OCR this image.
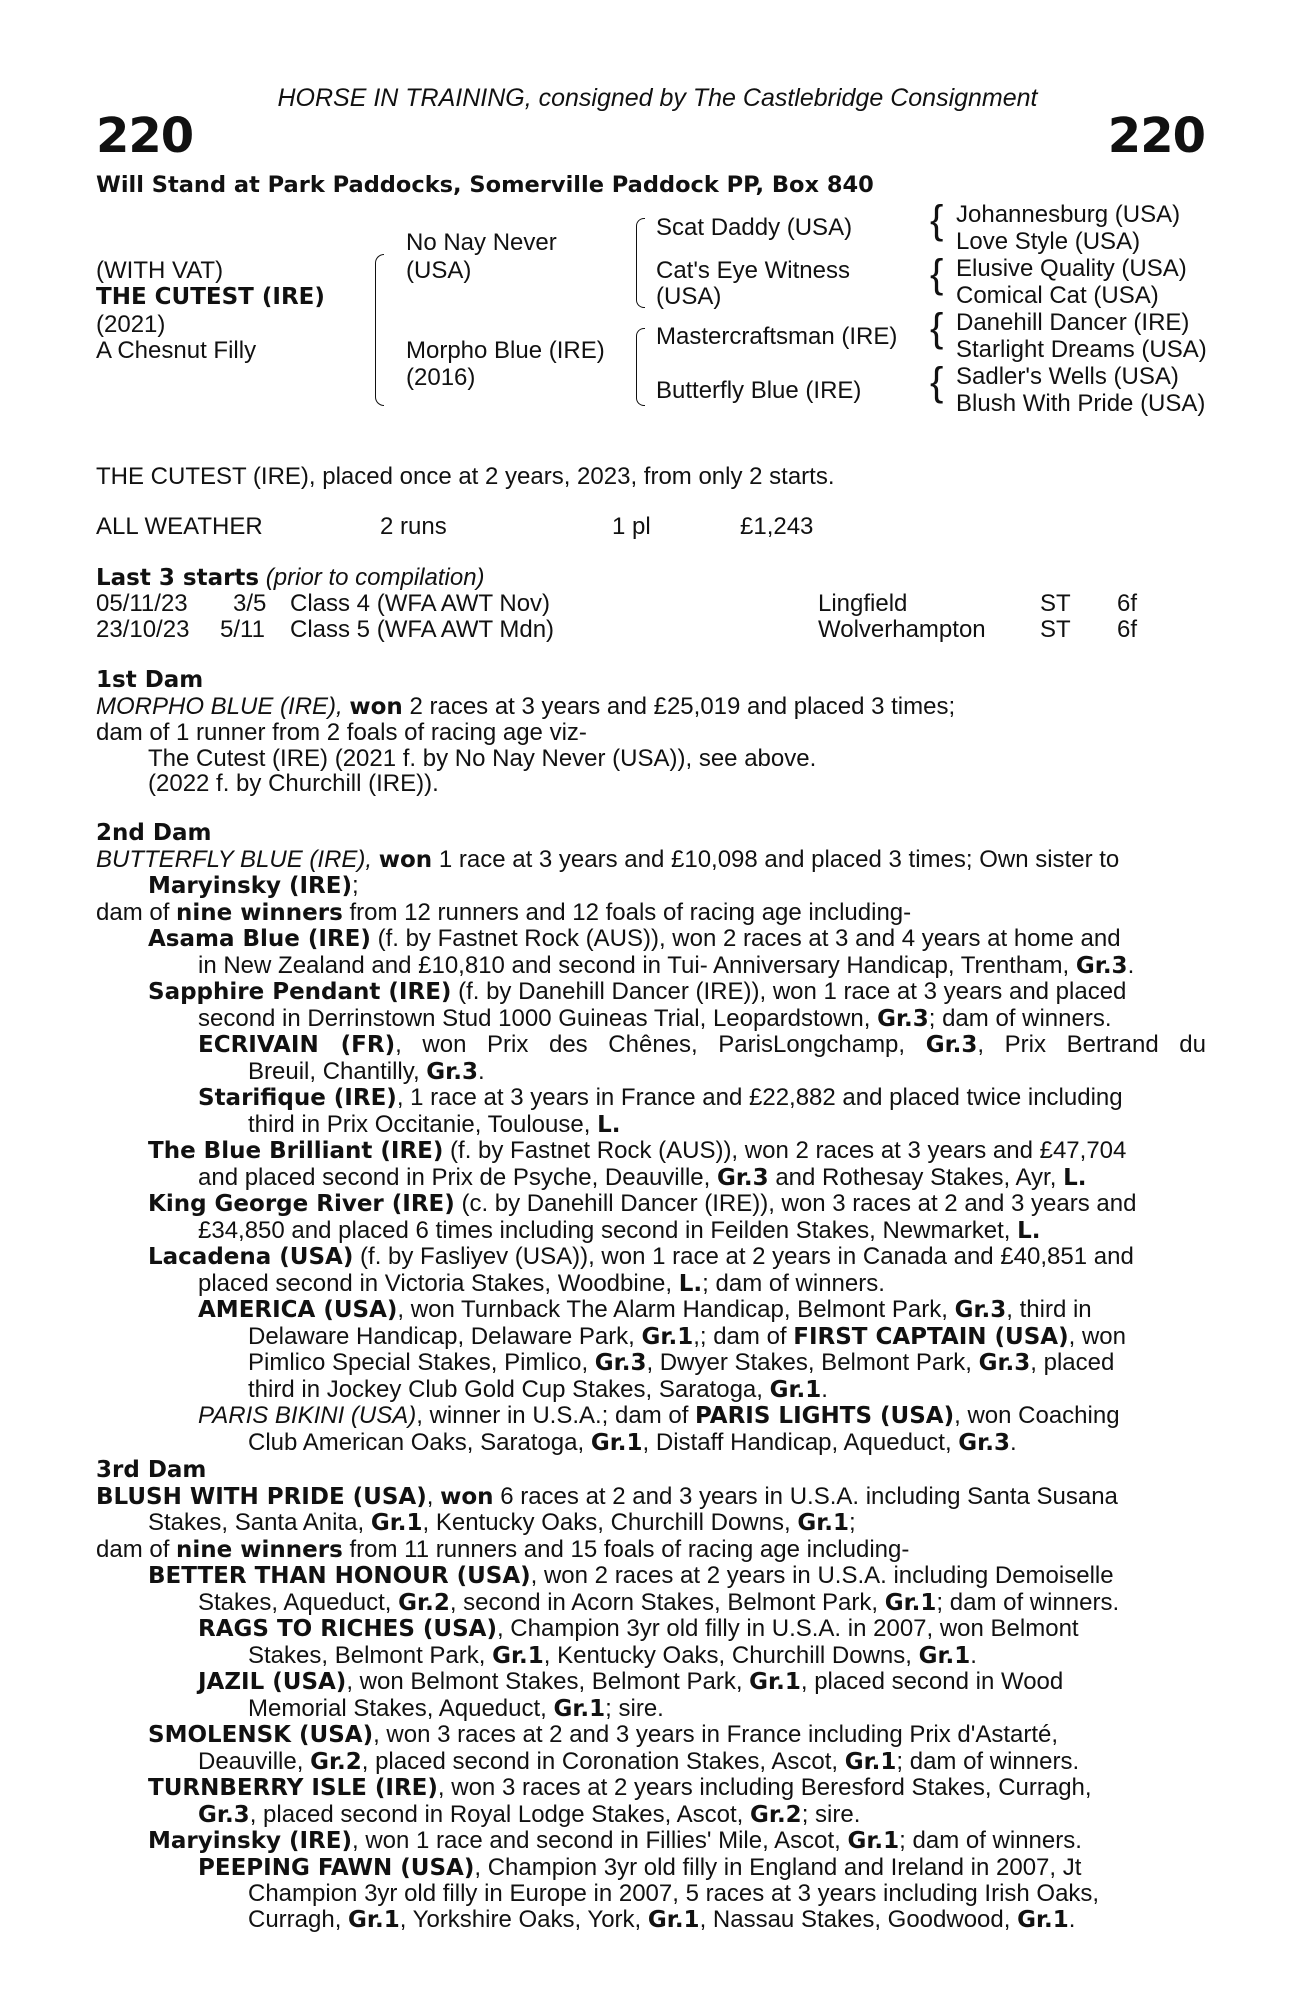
HORSE IN TRAINING, consigned by The Castlebridge Consignment
220	220
Will Stand at Park Paddocks, Somerville Paddock PP, Box 840
(WITH VAT)
THE CUTEST (IRE)
(2021)
A Chesnut Filly
No Nay Never
(USA)
Morpho Blue (IRE)
(2016)
Scat Daddy (USA)
Cat's Eye Witness
(USA)
Mastercraftsman (IRE)
Butterfly Blue (IRE)
{
{
{
{
Johannesburg (USA)
Love Style (USA)
Elusive Quality (USA)
Comical Cat (USA)
Danehill Dancer (IRE)
Starlight Dreams (USA)
Sadler's Wells (USA)
Blush With Pride (USA)
THE CUTEST (IRE), placed once at 2 years, 2023, from only 2 starts.
ALL WEATHER	2 runs	1 pl	£1,243
Last 3 starts (prior to compilation)
05/11/23 3/5 Class 4 (WFA AWT Nov)	Lingfield	ST 6f
23/10/23 5/11 Class 5 (WFA AWT Mdn)	Wolverhampton ST 6f
1st Dam
MORPHO BLUE (IRE), won 2 races at 3 years and £25,019 and placed 3 times;
dam of 1 runner from 2 foals of racing age viz-
The Cutest (IRE) (2021 f. by No Nay Never (USA)), see above.
(2022 f. by Churchill (IRE)).
2nd Dam
BUTTERFLY BLUE (IRE), won 1 race at 3 years and £10,098 and placed 3 times; Own sister to
Maryinsky (IRE);
dam of nine winners from 12 runners and 12 foals of racing age including-
Asama Blue (IRE) (f. by Fastnet Rock (AUS)), won 2 races at 3 and 4 years at home and
in New Zealand and £10,810 and second in Tui- Anniversary Handicap, Trentham, Gr.3.
Sapphire Pendant (IRE) (f. by Danehill Dancer (IRE)), won 1 race at 3 years and placed
second in Derrinstown Stud 1000 Guineas Trial, Leopardstown, Gr.3; dam of winners.
ECRIVAIN (FR), won Prix des Chênes, ParisLongchamp, Gr.3, Prix Bertrand du
Breuil, Chantilly, Gr.3.
Starifique (IRE), 1 race at 3 years in France and £22,882 and placed twice including
third in Prix Occitanie, Toulouse, L.
The Blue Brilliant (IRE) (f. by Fastnet Rock (AUS)), won 2 races at 3 years and £47,704
and placed second in Prix de Psyche, Deauville, Gr.3 and Rothesay Stakes, Ayr, L.
King George River (IRE) (c. by Danehill Dancer (IRE)), won 3 races at 2 and 3 years and
£34,850 and placed 6 times including second in Feilden Stakes, Newmarket, L.
Lacadena (USA) (f. by Fasliyev (USA)), won 1 race at 2 years in Canada and £40,851 and
placed second in Victoria Stakes, Woodbine, L.; dam of winners.
AMERICA (USA), won Turnback The Alarm Handicap, Belmont Park, Gr.3, third in
Delaware Handicap, Delaware Park, Gr.1,; dam of FIRST CAPTAIN (USA), won
Pimlico Special Stakes, Pimlico, Gr.3, Dwyer Stakes, Belmont Park, Gr.3, placed
third in Jockey Club Gold Cup Stakes, Saratoga, Gr.1.
PARIS BIKINI (USA), winner in U.S.A.; dam of PARIS LIGHTS (USA), won Coaching
Club American Oaks, Saratoga, Gr.1, Distaff Handicap, Aqueduct, Gr.3.
3rd Dam
BLUSH WITH PRIDE (USA), won 6 races at 2 and 3 years in U.S.A. including Santa Susana
Stakes, Santa Anita, Gr.1, Kentucky Oaks, Churchill Downs, Gr.1;
dam of nine winners from 11 runners and 15 foals of racing age including-
BETTER THAN HONOUR (USA), won 2 races at 2 years in U.S.A. including Demoiselle
Stakes, Aqueduct, Gr.2, second in Acorn Stakes, Belmont Park, Gr.1; dam of winners.
RAGS TO RICHES (USA), Champion 3yr old filly in U.S.A. in 2007, won Belmont
Stakes, Belmont Park, Gr.1, Kentucky Oaks, Churchill Downs, Gr.1.
JAZIL (USA), won Belmont Stakes, Belmont Park, Gr.1, placed second in Wood
Memorial Stakes, Aqueduct, Gr.1; sire.
SMOLENSK (USA), won 3 races at 2 and 3 years in France including Prix d'Astarté,
Deauville, Gr.2, placed second in Coronation Stakes, Ascot, Gr.1; dam of winners.
TURNBERRY ISLE (IRE), won 3 races at 2 years including Beresford Stakes, Curragh,
Gr.3, placed second in Royal Lodge Stakes, Ascot, Gr.2; sire.
Maryinsky (IRE), won 1 race and second in Fillies' Mile, Ascot, Gr.1; dam of winners.
PEEPING FAWN (USA), Champion 3yr old filly in England and Ireland in 2007, Jt
Champion 3yr old filly in Europe in 2007, 5 races at 3 years including Irish Oaks,
Curragh, Gr.1, Yorkshire Oaks, York, Gr.1, Nassau Stakes, Goodwood, Gr.1.
